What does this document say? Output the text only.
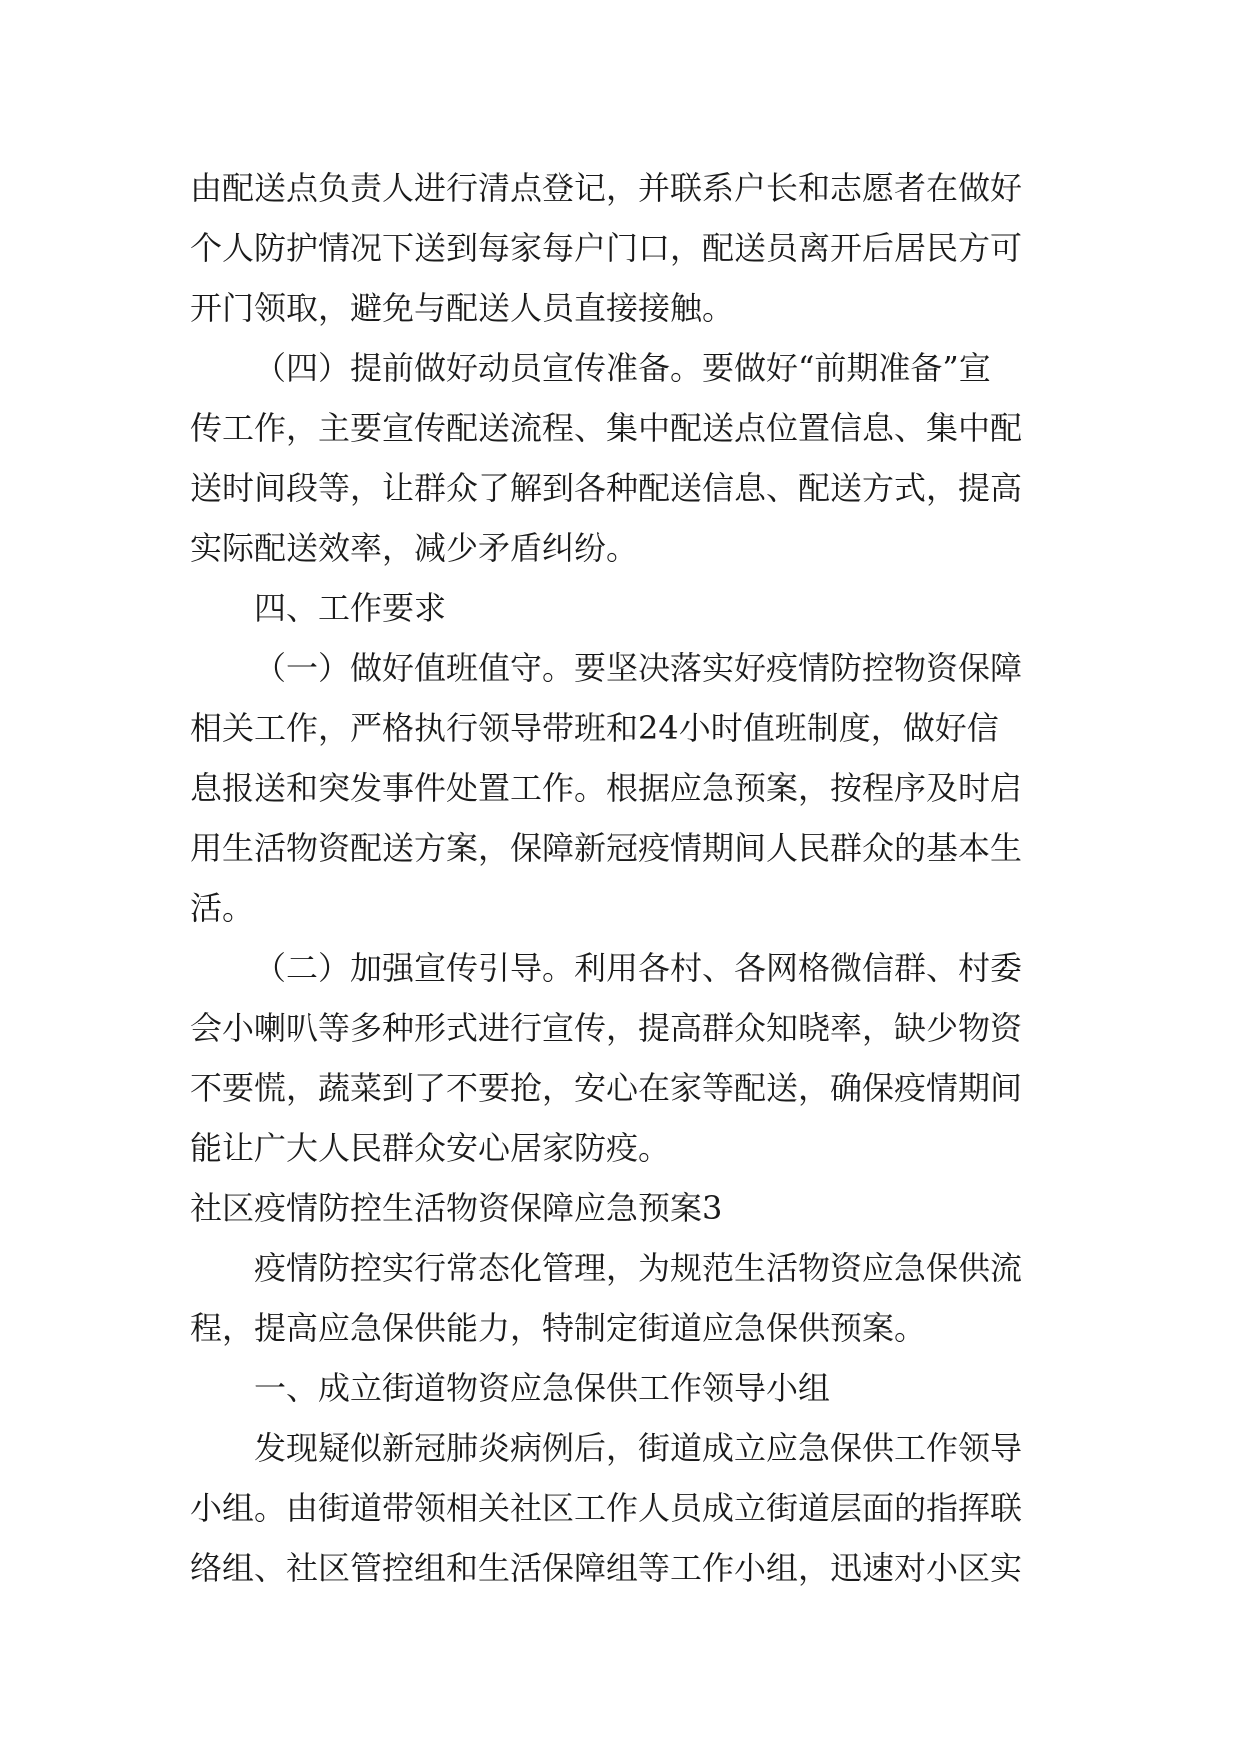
由配送点负责人进行清点登记，并联系户长和志愿者在做好
个人防护情况下送到每家每户门口，配送员离开后居民方可
开门领取，避免与配送人员直接接触。
（四）提前做好动员宣传准备。要做好“前期准备”宣
传工作，主要宣传配送流程、集中配送点位置信息、集中配
送时间段等，让群众了解到各种配送信息、配送方式，提高
实际配送效率，减少矛盾纠纷。
四、工作要求
（一）做好值班值守。要坚决落实好疫情防控物资保障
相关工作，严格执行领导带班和24小时值班制度，做好信
息报送和突发事件处置工作。根据应急预案，按程序及时启
用生活物资配送方案，保障新冠疫情期间人民群众的基本生
活。
（二）加强宣传引导。利用各村、各网格微信群、村委
会小喇叭等多种形式进行宣传，提高群众知晓率，缺少物资
不要慌，蔬菜到了不要抢，安心在家等配送，确保疫情期间
能让广大人民群众安心居家防疫。
社区疫情防控生活物资保障应急预案3
疫情防控实行常态化管理，为规范生活物资应急保供流
程，提高应急保供能力，特制定街道应急保供预案。
一、成立街道物资应急保供工作领导小组
发现疑似新冠肺炎病例后，街道成立应急保供工作领导
小组。由街道带领相关社区工作人员成立街道层面的指挥联
络组、社区管控组和生活保障组等工作小组，迅速对小区实
